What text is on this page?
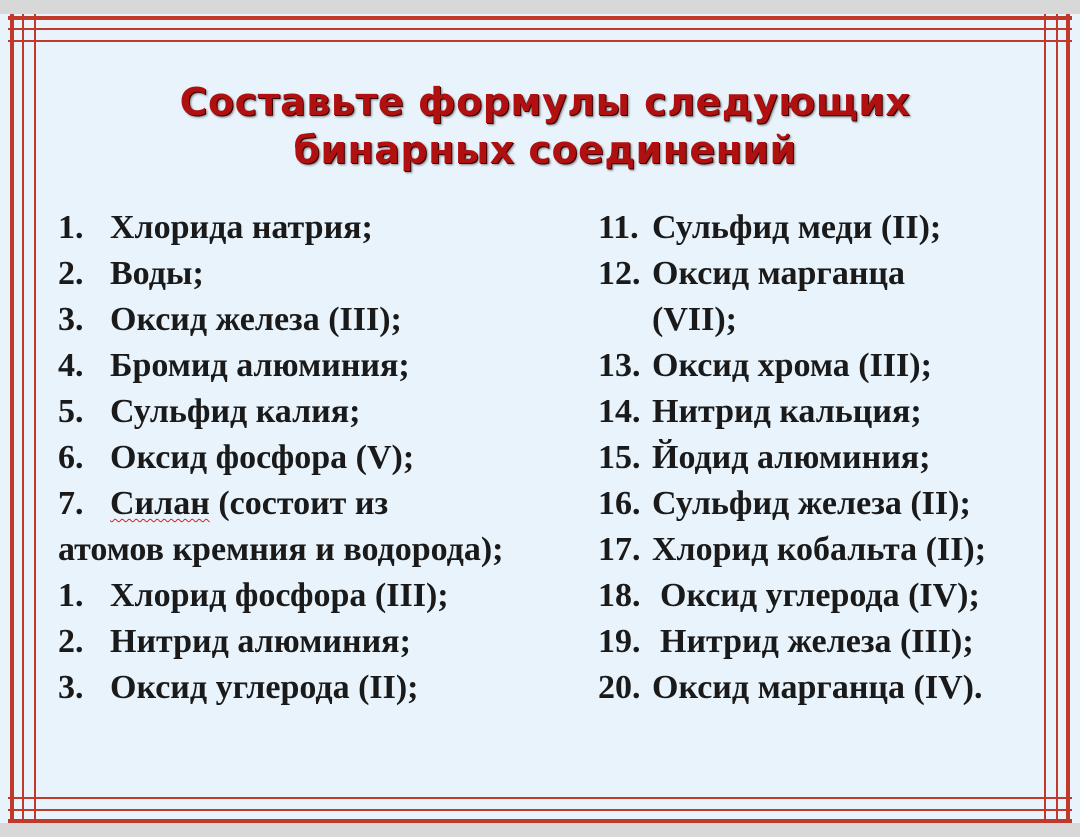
Составьте формулы следующих
бинарных соединений
1. Хлорида натрия;
2. Воды;
3. Оксид железа (III);
4. Бромид алюминия;
5. Сульфид калия;
6. Оксид фосфора (V);
7. Силан (состоит из
атомов кремния и водорода);
1. Хлорид фосфора (III);
2. Нитрид алюминия;
3. Оксид углерода (II);
11. Сульфид меди (II);
12. Оксид марганца
(VII);
13. Оксид хрома (III);
14. Нитрид кальция;
15. Йодид алюминия;
16. Сульфид железа (II);
17. Хлорид кобальта (II);
18. Оксид углерода (IV);
19. Нитрид железа (III);
20. Оксид марганца (IV).
